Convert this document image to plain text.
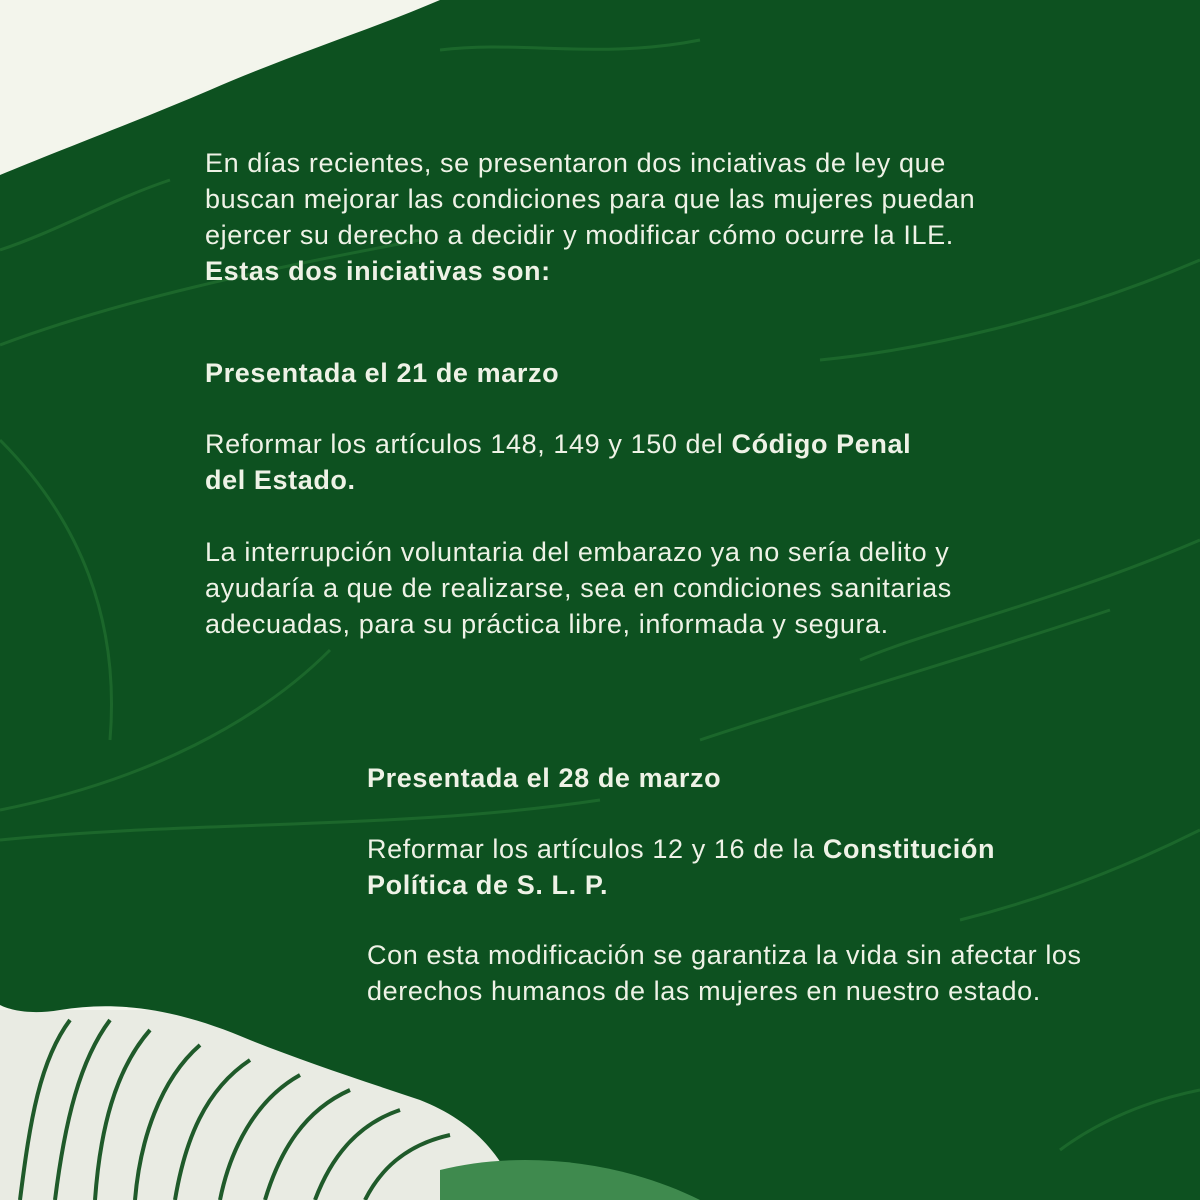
En días recientes, se presentaron dos inciativas de ley que
buscan mejorar las condiciones para que las mujeres puedan
ejercer su derecho a decidir y modificar cómo ocurre la ILE.
Estas dos iniciativas son:
Presentada el 21 de marzo

Reformar los artículos 148, 149 y 150 del Código Penal del Estado.

La interrupción voluntaria del embarazo ya no sería delito y ayudaría a que de realizarse, sea en condiciones sanitarias adecuadas, para su práctica libre, informada y segura.

Presentada el 28 de marzo

Reformar los artículos 12 y 16 de la Constitución Política de S. L. P.

Con esta modificación se garantiza la vida sin afectar los derechos humanos de las mujeres en nuestro estado.
